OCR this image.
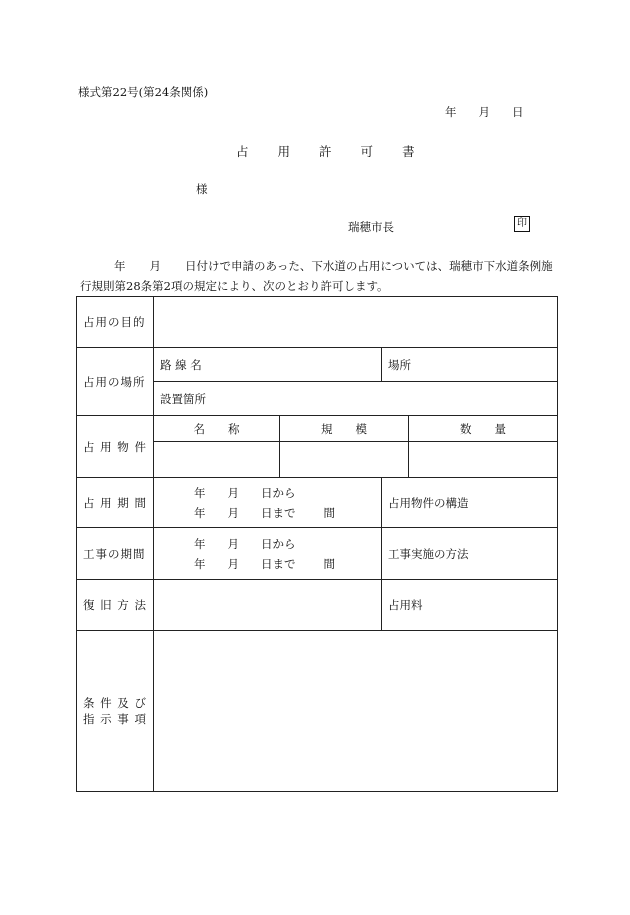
様式第22号(第24条関係)
年 月 日
占 用 許 可 書
様
瑞穂市長	印
年 月 日付けで申請のあった、下水道の占用については、瑞穂市下水道条例施行規則第28条第2項の規定により、次のとおり許可します。
占用の目的				
占用の場所	路 線 名		場所	
	設置箇所			
占 用 物 件	名　　称	規　　模		数　　量

占 用 期 間	年 月 日から
年 月 日まで 間		占用物件の構造	
工事の期間	年 月 日から
年 月 日まで 間		工事実施の方法	
復 旧 方 法			占用料	

条 件 及 び
指 示 事 項				
